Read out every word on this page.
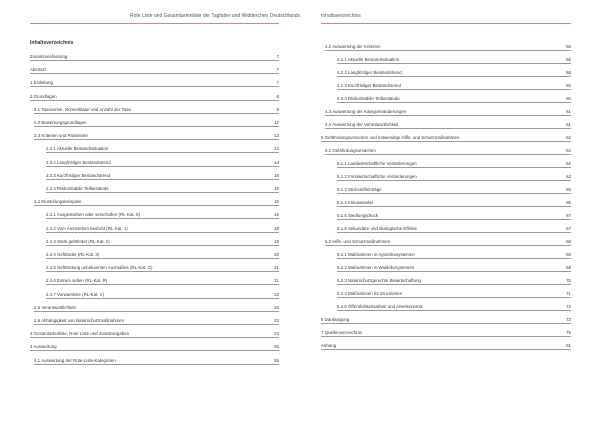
Rote Liste und Gesamtartenliste der Tagfalter und Widderchen Deutschlands	Inhaltsverzeichnis
Inhaltsverzeichnis
Zusammenfassung	7
Abstract	7
1 Einleitung	7
2 Grundlagen	8
2.1 Taxonomie, Nomenklatur und Anzahl der Taxa	8
2.2 Bewertungsgrundlagen	12
2.3 Kriterien und Parameter	13
2.3.1 Aktuelle Bestandssituation	13
2.3.2 Langfristiger Bestandstrend	14
2.3.3 Kurzfristiger Bestandstrend	16
2.3.4 Risiko/stabile Teilbestände	16
2.4 Einstufungsbeispiele	16
2.4.1 Ausgestorben oder verschollen (RL-Kat. 0)	16
2.4.2 Vom Aussterben bedroht (RL-Kat. 1)	18
2.4.3 Stark gefährdet (RL-Kat. 2)	19
2.4.4 Gefährdet (RL-Kat. 3)	20
2.4.5 Gefährdung unbekannten Ausmaßes (RL-Kat. G)	21
2.4.6 Extrem selten (RL-Kat. R)	21
2.4.7 Vorwarnliste (RL-Kat. V)	22
2.5 Verantwortlichkeit	22
2.6 Abhängigkeit von Naturschutzmaßnahmen	23
3 Gesamtartenliste, Rote Liste und Zusatzangaben	24
4 Auswertung	55
4.1 Auswertung der Rote-Liste-Kategorien	55
4.2 Auswertung der Kriterien	56
4.2.1 Aktuelle Bestandssituation	56
4.2.2 Langfristiger Bestandstrend	58
4.2.3 Kurzfristiger Bestandstrend	60
4.2.4 Risiko/stabile Teilbestände	60
4.3 Auswertung der Kategorieänderungen	61
4.4 Auswertung der Verantwortlichkeit	61
5 Gefährdungsursachen und notwendige Hilfs- und Schutzmaßnahmen	62
5.1 Gefährdungsursachen	62
5.1.1 Landwirtschaftliche Veränderungen	62
5.1.2 Forstwirtschaftliche Veränderungen	63
5.1.3 Stickstoffeinträge	65
5.1.4 Klimawandel	66
5.1.5 Siedlungsdruck	67
5.1.6 Sekundäre und ökologische Effekte	67
5.2 Hilfs- und Schutzmaßnahmen	68
5.2.1 Maßnahmen in Agrarökosystemen	68
5.2.2 Maßnahmen in Waldökosystemen	69
5.2.3 Naturschutzgerechte Bewirtschaftung	70
5.2.4 Maßnahmen für Einzelarten	71
5.2.5 Öffentlichkeitsarbeit und Artenkenntnis	72
6 Danksagung	73
7 Quellenverzeichnis	75
Anhang	91
